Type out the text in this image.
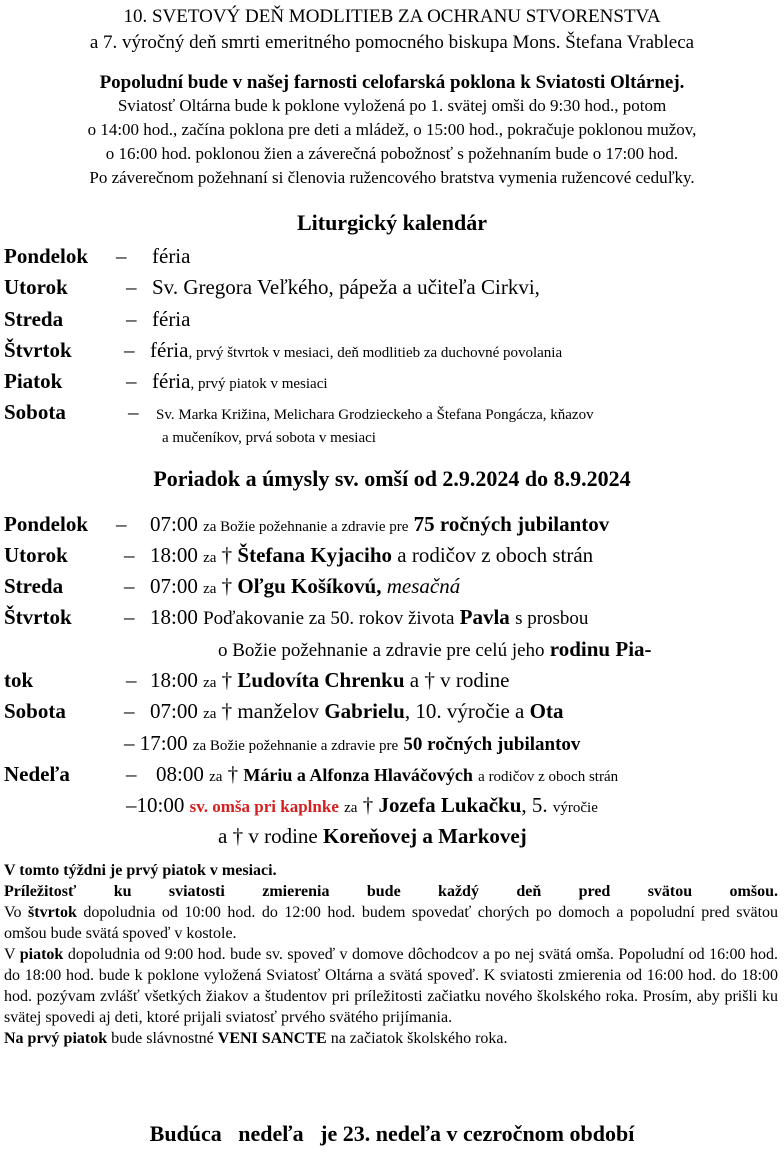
10. SVETOVÝ DEŇ MODLITIEB ZA OCHRANU STVORENSTVA
a 7. výročný deň smrti emeritného pomocného biskupa Mons. Štefana Vrableca
Popoludní bude v našej farnosti celofarská poklona k Sviatosti Oltárnej.

Sviatosť Oltárna bude k poklone vyložená po 1. svätej omši do 9:30 hod., potom

o 14:00 hod., začína poklona pre deti a mládež, o 15:00 hod., pokračuje poklonou mužov,

o 16:00 hod. poklonou žien a záverečná pobožnosť s požehnaním bude o 17:00 hod.

Po záverečnom požehnaní si členovia ružencového bratstva vymenia ružencové ceduľky.

Liturgický kalendár
Pondelok – féria
Utorok	– Sv. Gregora Veľkého, pápeža a učiteľa Cirkvi,
Streda	– féria
Štvrtok – féria, prvý štvrtok v mesiaci, deň modlitieb za duchovné povolania
Piatok	– féria, prvý piatok v mesiaci
Sobota	– Sv. Marka Križina, Melichara Grodzieckeho a Štefana Pongácza, kňazov
a mučeníkov, prvá sobota v mesiaci
Poriadok a úmysly sv. omší od 2.9.2024 do 8.9.2024
Pondelok – 07:00 za Božie požehnanie a zdravie pre 75 ročných jubilantov
Utorok	– 18:00 za † Štefana Kyjaciho a rodičov z oboch strán
Streda	– 07:00 za † Oľgu Košíkovú, mesačná
Štvrtok – 18:00 Poďakovanie za 50. rokov života Pavla s prosbou
o Božie požehnanie a zdravie pre celú jeho rodinu Pia-
tok	– 18:00 za † Ľudovíta Chrenku a † v rodine
Sobota	– 07:00 za † manželov Gabrielu, 10. výročie a Ota
– 17:00 za Božie požehnanie a zdravie pre 50 ročných jubilantov
Nedeľa	– 08:00 za † Máriu a Alfonza Hlaváčových a rodičov z oboch strán
–10:00 sv. omša pri kaplnke za † Jozefa Lukačku, 5. výročie
a † v rodine Koreňovej a Markovej

V tomto týždni je prvý piatok v mesiaci.

Príležitosť ku sviatosti zmierenia bude každý deň pred svätou omšou.

Vo štvrtok dopoludnia od 10:00 hod. do 12:00 hod. budem spovedať chorých po domoch a popoludní pred svätou omšou bude svätá spoveď v kostole.

V piatok dopoludnia od 9:00 hod. bude sv. spoveď v domove dôchodcov a po nej svätá omša. Popoludní od 16:00 hod. do 18:00 hod. bude k poklone vyložená Sviatosť Oltárna a svätá spoveď. K sviatosti zmierenia od 16:00 hod. do 18:00 hod. pozývam zvlášť všetkých žiakov a študentov pri príležitosti začiatku nového školského roka. Prosím, aby prišli ku svätej spovedi aj deti, ktoré prijali sviatosť prvého svätého prijímania.

Na prvý piatok bude slávnostné VENI SANCTE na začiatok školského roka.

Budúca   nedeľa   je 23. nedeľa v cezročnom období
